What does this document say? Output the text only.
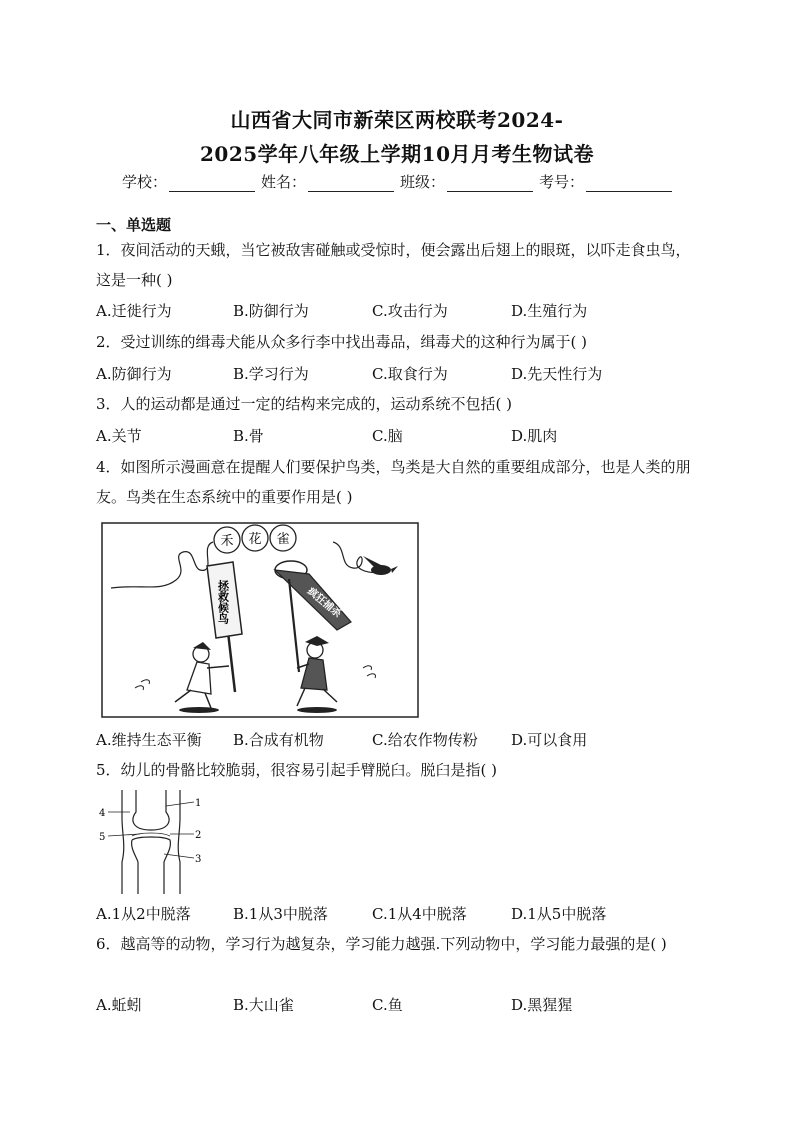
山西省大同市新荣区两校联考2024-
2025学年八年级上学期10月月考生物试卷
学校：	姓名：	班级：	考号：
一、单选题
1．夜间活动的天蛾，当它被敌害碰触或受惊时，便会露出后翅上的眼斑，以吓走食虫鸟，这是一种( )
A.迁徙行为	B.防御行为	C.攻击行为	D.生殖行为
2．受过训练的缉毒犬能从众多行李中找出毒品，缉毒犬的这种行为属于( )
A.防御行为	B.学习行为	C.取食行为	D.先天性行为
3．人的运动都是通过一定的结构来完成的，运动系统不包括( )
A.关节	B.骨	C.脑	D.肌肉
4．如图所示漫画意在提醒人们要保护鸟类，鸟类是大自然的重要组成部分，也是人类的朋友。鸟类在生态系统中的重要作用是( )
禾 花 雀
拯救候鸟	疯狂捕杀
A.维持生态平衡 B.合成有机物	C.给农作物传粉 D.可以食用
5．幼儿的骨骼比较脆弱，很容易引起手臂脱臼。脱臼是指( )
1
2
3
4
5
A.1从2中脱落	B.1从3中脱落	C.1从4中脱落	D.1从5中脱落
6．越高等的动物，学习行为越复杂，学习能力越强.下列动物中，学习能力最强的是( )
A.蚯蚓	B.大山雀	C.鱼	D.黑猩猩
